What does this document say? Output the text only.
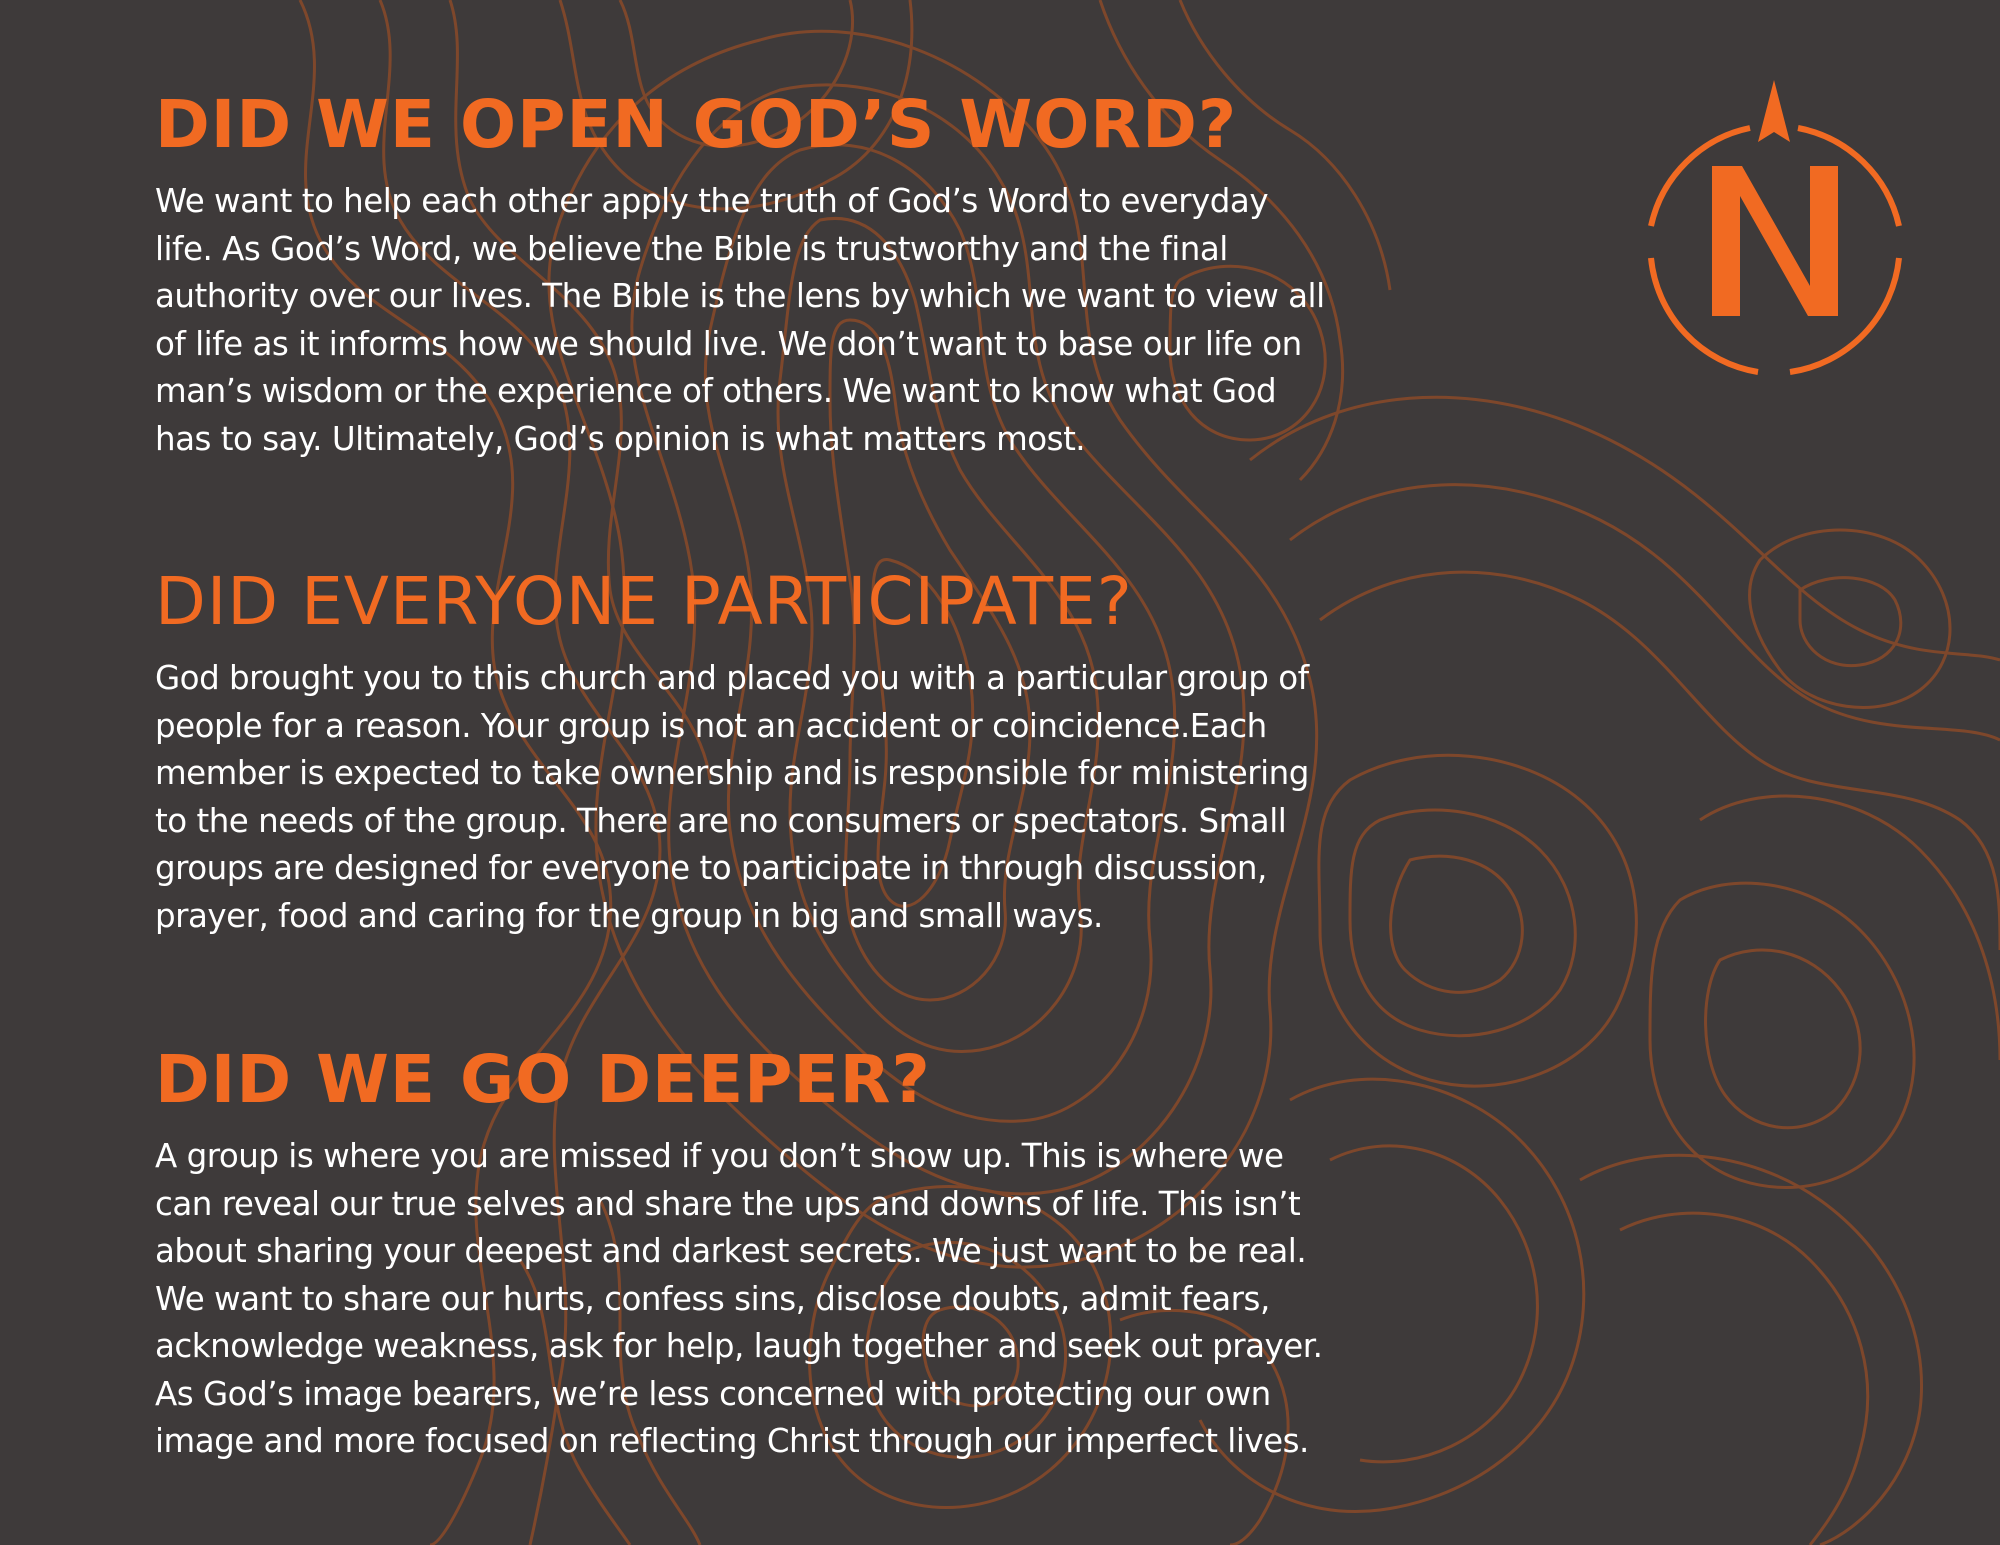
DID WE OPEN GOD’S WORD?

We want to help each other apply the truth of God’s Word to everyday
life. As God’s Word, we believe the Bible is trustworthy and the final
authority over our lives. The Bible is the lens by which we want to view all
of life as it informs how we should live. We don’t want to base our life on
man’s wisdom or the experience of others. We want to know what God
has to say. Ultimately, God’s opinion is what matters most.

DID EVERYONE PARTICIPATE?

God brought you to this church and placed you with a particular group of
people for a reason. Your group is not an accident or coincidence.Each
member is expected to take ownership and is responsible for ministering
to the needs of the group. There are no consumers or spectators. Small
groups are designed for everyone to participate in through discussion,
prayer, food and caring for the group in big and small ways.

DID WE GO DEEPER?

A group is where you are missed if you don’t show up. This is where we
can reveal our true selves and share the ups and downs of life. This isn’t
about sharing your deepest and darkest secrets. We just want to be real.
We want to share our hurts, confess sins, disclose doubts, admit fears,
acknowledge weakness, ask for help, laugh together and seek out prayer.
As God’s image bearers, we’re less concerned with protecting our own
image and more focused on reflecting Christ through our imperfect lives.
